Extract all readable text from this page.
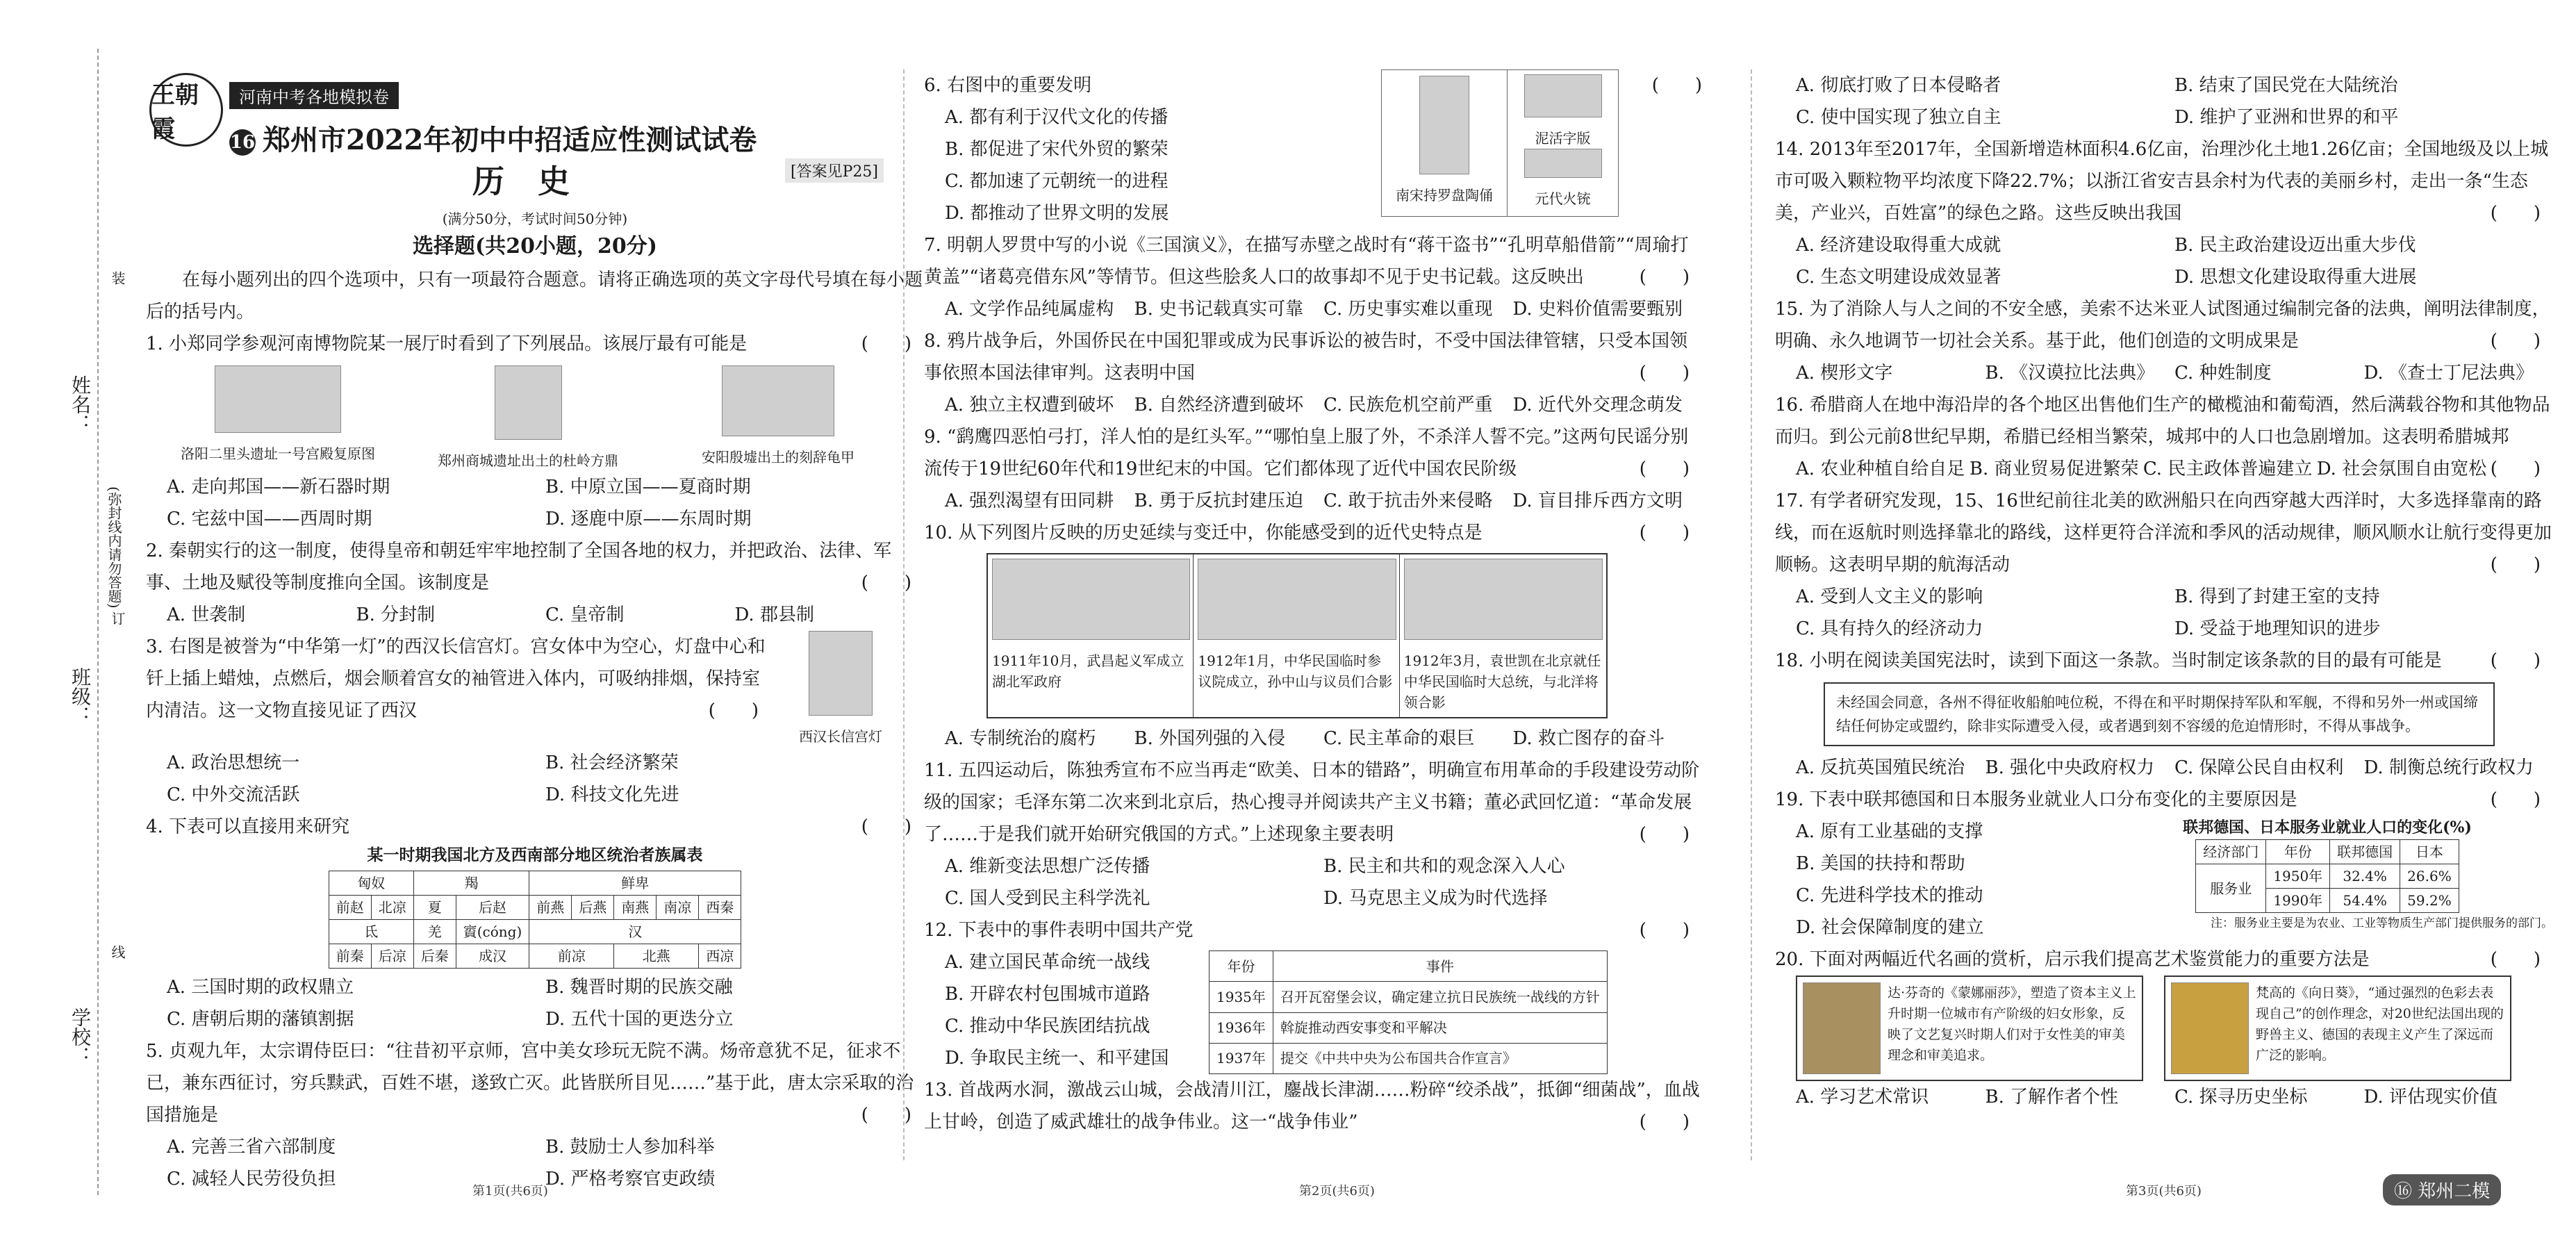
姓名：
班级：
学校：
(弥封线内请勿答题)
装
订
线
王朝霞
河南中考各地模拟卷
16 郑州市2022年初中中招适应性测试试卷
历 史	[答案见P25]
(满分50分，考试时间50分钟)
选择题(共20小题，20分)

在每小题列出的四个选项中，只有一项最符合题意。请将正确选项的英文字母代号填在每小题后的括号内。

1. 小郑同学参观河南博物院某一展厅时看到了下列展品。该展厅最有可能是	(　　)

洛阳二里头遗址一号宫殿复原图	郑州商城遗址出土的杜岭方鼎	安阳殷墟出土的刻辞龟甲
A. 走向邦国——新石器时期	B. 中原立国——夏商时期
C. 宅兹中国——西周时期	D. 逐鹿中原——东周时期

2. 秦朝实行的这一制度，使得皇帝和朝廷牢牢地控制了全国各地的权力，并把政治、法律、军事、土地及赋役等制度推向全国。该制度是	(　　)

A. 世袭制	B. 分封制	C. 皇帝制	D. 郡县制
3. 右图是被誉为“中华第一灯”的西汉长信宫灯。宫女体中为空心，灯盘中心和钎上插上蜡烛，点燃后，烟会顺着宫女的袖管进入体内，可吸纳排烟，保持室内清洁。这一文物直接见证了西汉	(　　)
西汉长信宫灯
A. 政治思想统一	B. 社会经济繁荣
C. 中外交流活跃	D. 科技文化先进

4. 下表可以直接用来研究	(　　)

某一时期我国北方及西南部分地区统治者族属表
匈奴		羯		鲜卑				
前赵	北凉	夏	后赵	前燕	后燕	南燕	南凉	西秦
氐		羌	賨(cóng)	汉				
前秦	后凉	后秦	成汉	前凉		北燕		西凉
A. 三国时期的政权鼎立	B. 魏晋时期的民族交融
C. 唐朝后期的藩镇割据	D. 五代十国的更迭分立

5. 贞观九年，太宗谓侍臣曰：“往昔初平京师，宫中美女珍玩无院不满。炀帝意犹不足，征求不已，兼东西征讨，穷兵黩武，百姓不堪，遂致亡灭。此皆朕所目见……”基于此，唐太宗采取的治国措施是	(　　)

A. 完善三省六部制度	B. 鼓励士人参加科举
C. 减轻人民劳役负担	D. 严格考察官吏政绩
6. 右图中的重要发明
A. 都有利于汉代文化的传播
B. 都促进了宋代外贸的繁荣
C. 都加速了元朝统一的进程
D. 都推动了世界文明的发展
南宋持罗盘陶俑
泥活字版
元代火铳
(　　)

7. 明朝人罗贯中写的小说《三国演义》，在描写赤壁之战时有“蒋干盗书”“孔明草船借箭”“周瑜打黄盖”“诸葛亮借东风”等情节。但这些脍炙人口的故事却不见于史书记载。这反映出	(　　)

A. 文学作品纯属虚构	B. 史书记载真实可靠	C. 历史事实难以重现	D. 史料价值需要甄别

8. 鸦片战争后，外国侨民在中国犯罪或成为民事诉讼的被告时，不受中国法律管辖，只受本国领事依照本国法律审判。这表明中国	(　　)

A. 独立主权遭到破坏	B. 自然经济遭到破坏	C. 民族危机空前严重	D. 近代外交理念萌发

9. “鹞鹰四恶怕弓打，洋人怕的是红头军。”“哪怕皇上服了外，不杀洋人誓不完。”这两句民谣分别流传于19世纪60年代和19世纪末的中国。它们都体现了近代中国农民阶级	(　　)

A. 强烈渴望有田同耕	B. 勇于反抗封建压迫	C. 敢于抗击外来侵略	D. 盲目排斥西方文明

10. 从下列图片反映的历史延续与变迁中，你能感受到的近代史特点是	(　　)

1911年10月，武昌起义军成立湖北军政府
1912年1月，中华民国临时参议院成立，孙中山与议员们合影
1912年3月，袁世凯在北京就任中华民国临时大总统，与北洋将领合影
A. 专制统治的腐朽	B. 外国列强的入侵	C. 民主革命的艰巨	D. 救亡图存的奋斗

11. 五四运动后，陈独秀宣布不应当再走“欧美、日本的错路”，明确宣布用革命的手段建设劳动阶级的国家；毛泽东第二次来到北京后，热心搜寻并阅读共产主义书籍；董必武回忆道：“革命发展了……于是我们就开始研究俄国的方式。”上述现象主要表明	(　　)

A. 维新变法思想广泛传播	B. 民主和共和的观念深入人心
C. 国人受到民主科学洗礼	D. 马克思主义成为时代选择

12. 下表中的事件表明中国共产党	(　　)

A. 建立国民革命统一战线
B. 开辟农村包围城市道路
C. 推动中华民族团结抗战
D. 争取民主统一、和平建国
年份	事件
1935年	召开瓦窑堡会议，确定建立抗日民族统一战线的方针
1936年	斡旋推动西安事变和平解决
1937年	提交《中共中央为公布国共合作宣言》

13. 首战两水洞，激战云山城，会战清川江，鏖战长津湖……粉碎“绞杀战”，抵御“细菌战”，血战上甘岭，创造了威武雄壮的战争伟业。这一“战争伟业”	(　　)

A. 彻底打败了日本侵略者	B. 结束了国民党在大陆统治
C. 使中国实现了独立自主	D. 维护了亚洲和世界的和平

14. 2013年至2017年，全国新增造林面积4.6亿亩，治理沙化土地1.26亿亩；全国地级及以上城市可吸入颗粒物平均浓度下降22.7%；以浙江省安吉县余村为代表的美丽乡村，走出一条“生态美，产业兴，百姓富”的绿色之路。这些反映出我国	(　　)

A. 经济建设取得重大成就	B. 民主政治建设迈出重大步伐
C. 生态文明建设成效显著	D. 思想文化建设取得重大进展

15. 为了消除人与人之间的不安全感，美索不达米亚人试图通过编制完备的法典，阐明法律制度，明确、永久地调节一切社会关系。基于此，他们创造的文明成果是	(　　)

A. 楔形文字	B. 《汉谟拉比法典》	C. 种姓制度	D. 《查士丁尼法典》

16. 希腊商人在地中海沿岸的各个地区出售他们生产的橄榄油和葡萄酒，然后满载谷物和其他物品而归。到公元前8世纪早期，希腊已经相当繁荣，城邦中的人口也急剧增加。这表明希腊城邦
(　　)

A. 农业种植自给自足 B. 商业贸易促进繁荣 C. 民主政体普遍建立 D. 社会氛围自由宽松

17. 有学者研究发现，15、16世纪前往北美的欧洲船只在向西穿越大西洋时，大多选择靠南的路线，而在返航时则选择靠北的路线，这样更符合洋流和季风的活动规律，顺风顺水让航行变得更加顺畅。这表明早期的航海活动	(　　)

A. 受到人文主义的影响	B. 得到了封建王室的支持
C. 具有持久的经济动力	D. 受益于地理知识的进步

18. 小明在阅读美国宪法时，读到下面这一条款。当时制定该条款的目的最有可能是	(　　)

未经国会同意，各州不得征收船舶吨位税，不得在和平时期保持军队和军舰，不得和另外一州或国缔结任何协定或盟约，除非实际遭受入侵，或者遇到刻不容缓的危迫情形时，不得从事战争。
A. 反抗英国殖民统治	B. 强化中央政府权力	C. 保障公民自由权利	D. 制衡总统行政权力

19. 下表中联邦德国和日本服务业就业人口分布变化的主要原因是	(　　)

A. 原有工业基础的支撑
B. 美国的扶持和帮助
C. 先进科学技术的推动
D. 社会保障制度的建立
联邦德国、日本服务业就业人口的变化(%)
经济部门	年份	联邦德国	日本
服务业	1950年	32.4%	26.6%
	1990年	54.4%	59.2%
注：服务业主要是为农业、工业等物质生产部门提供服务的部门。

20. 下面对两幅近代名画的赏析，启示我们提高艺术鉴赏能力的重要方法是	(　　)

达·芬奇的《蒙娜丽莎》，塑造了资本主义上升时期一位城市有产阶级的妇女形象，反映了文艺复兴时期人们对于女性美的审美理念和审美追求。
梵高的《向日葵》，“通过强烈的色彩去表现自己”的创作理念，对20世纪法国出现的野兽主义、德国的表现主义产生了深远而广泛的影响。
A. 学习艺术常识	B. 了解作者个性	C. 探寻历史坐标	D. 评估现实价值
第1页(共6页)	第2页(共6页)	第3页(共6页)	⑯ 郑州二模
